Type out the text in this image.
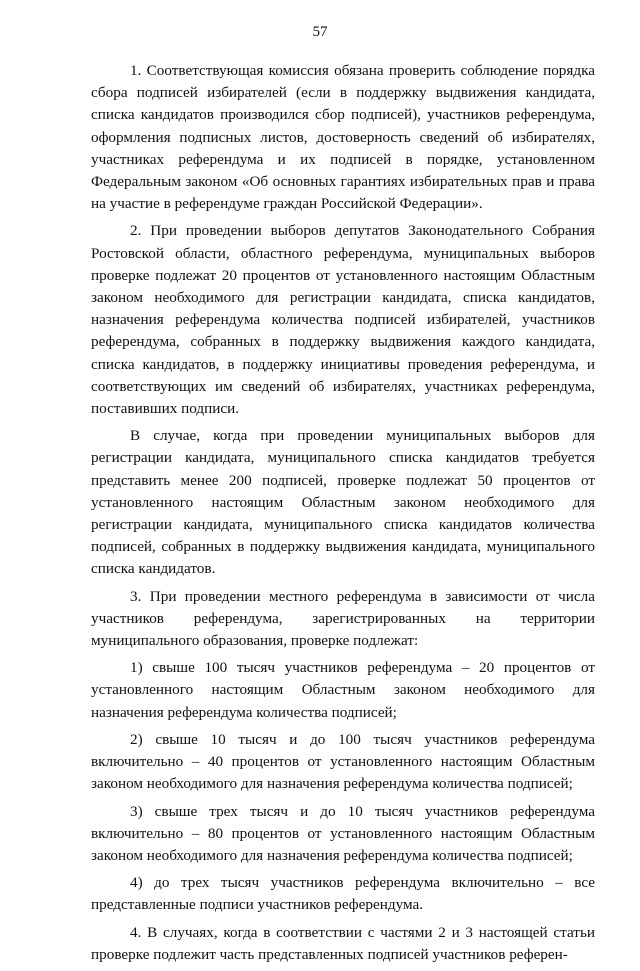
57

1. Соответствующая комиссия обязана проверить соблюдение порядка сбора подписей избирателей (если в поддержку выдвижения кандидата, списка кандидатов производился сбор подписей), участников референдума, оформления подписных листов, достоверность сведений об избирателях, участниках референдума и их подписей в порядке, установленном Федеральным законом «Об основных гарантиях избирательных прав и права на участие в референдуме граждан Российской Федерации».

2. При проведении выборов депутатов Законодательного Собрания Ростовской области, областного референдума, муниципальных выборов проверке подлежат 20 процентов от установленного настоящим Областным законом необходимого для регистрации кандидата, списка кандидатов, назначения референдума количества подписей избирателей, участников референдума, собранных в поддержку выдвижения каждого кандидата, списка кандидатов, в поддержку инициативы проведения референдума, и соответствующих им сведений об избирателях, участниках референдума, поставивших подписи.

В случае, когда при проведении муниципальных выборов для регистрации кандидата, муниципального списка кандидатов требуется представить менее 200 подписей, проверке подлежат 50 процентов от установленного настоящим Областным законом необходимого для регистрации кандидата, муниципального списка кандидатов количества подписей, собранных в поддержку выдвижения кандидата, муниципального списка кандидатов.

3. При проведении местного референдума в зависимости от числа участников референдума, зарегистрированных на территории муниципального образования, проверке подлежат:

1) свыше 100 тысяч участников референдума – 20 процентов от установленного настоящим Областным законом необходимого для назначения референдума количества подписей;

2) свыше 10 тысяч и до 100 тысяч участников референдума включительно – 40 процентов от установленного настоящим Областным законом необходимого для назначения референдума количества подписей;

3) свыше трех тысяч и до 10 тысяч участников референдума включительно – 80 процентов от установленного настоящим Областным законом необходимого для назначения референдума количества подписей;

4) до трех тысяч участников референдума включительно – все представленные подписи участников референдума.

4. В случаях, когда в соответствии с частями 2 и 3 настоящей статьи проверке подлежит часть представленных подписей участников референ-
